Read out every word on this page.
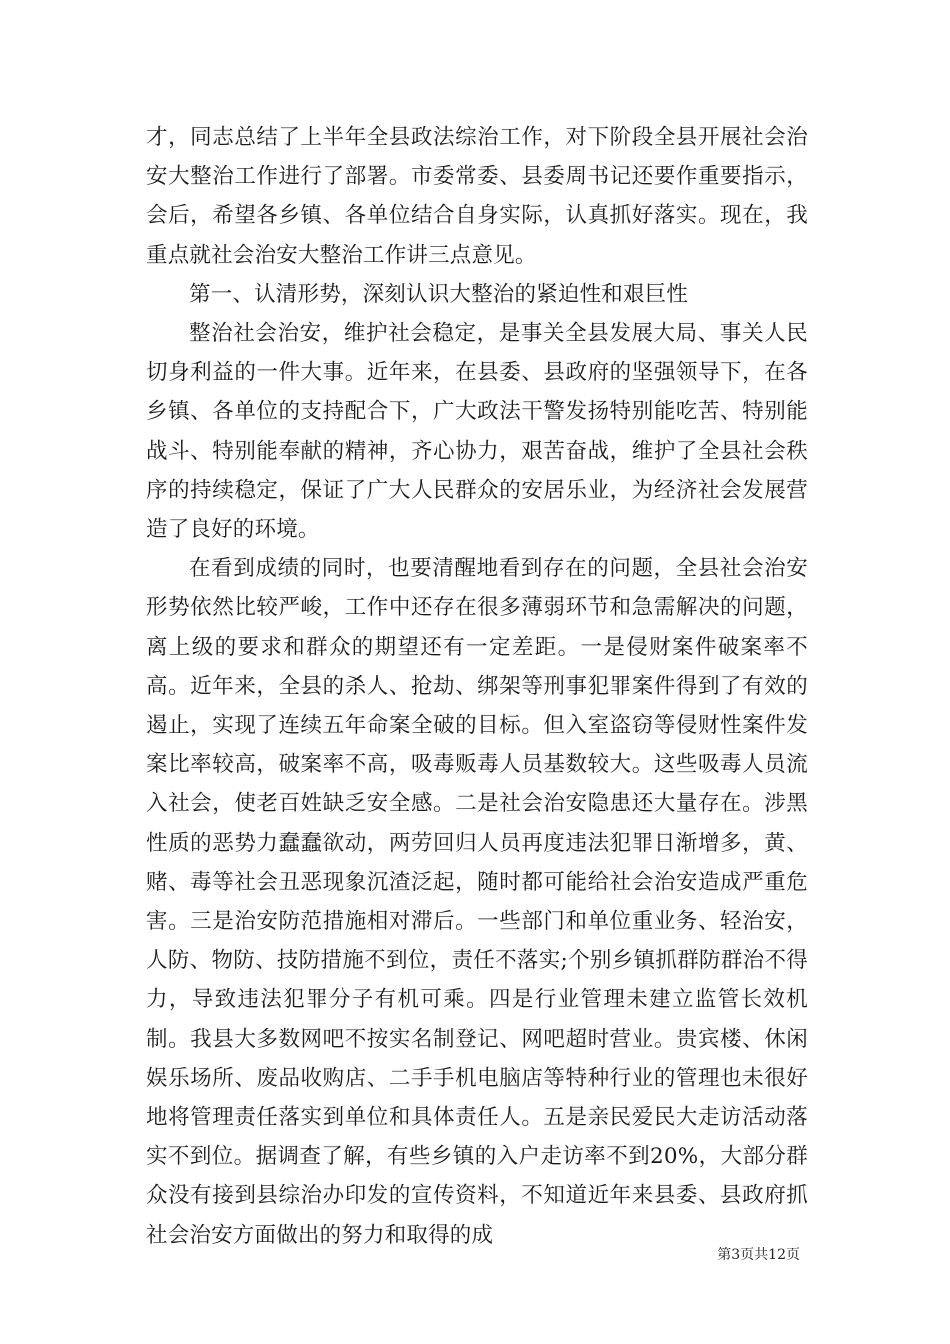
才，同志总结了上半年全县政法综治工作，对下阶段全县开展社会治安大整治工作进行了部署。市委常委、县委周书记还要作重要指示，会后，希望各乡镇、各单位结合自身实际，认真抓好落实。现在，我重点就社会治安大整治工作讲三点意见。

第一、认清形势，深刻认识大整治的紧迫性和艰巨性

整治社会治安，维护社会稳定，是事关全县发展大局、事关人民切身利益的一件大事。近年来，在县委、县政府的坚强领导下，在各乡镇、各单位的支持配合下，广大政法干警发扬特别能吃苦、特别能战斗、特别能奉献的精神，齐心协力，艰苦奋战，维护了全县社会秩序的持续稳定，保证了广大人民群众的安居乐业，为经济社会发展营造了良好的环境。

在看到成绩的同时，也要清醒地看到存在的问题，全县社会治安形势依然比较严峻，工作中还存在很多薄弱环节和急需解决的问题，离上级的要求和群众的期望还有一定差距。一是侵财案件破案率不高。近年来，全县的杀人、抢劫、绑架等刑事犯罪案件得到了有效的遏止，实现了连续五年命案全破的目标。但入室盗窃等侵财性案件发案比率较高，破案率不高，吸毒贩毒人员基数较大。这些吸毒人员流入社会，使老百姓缺乏安全感。二是社会治安隐患还大量存在。涉黑性质的恶势力蠢蠢欲动，两劳回归人员再度违法犯罪日渐增多，黄、赌、毒等社会丑恶现象沉渣泛起，随时都可能给社会治安造成严重危害。三是治安防范措施相对滞后。一些部门和单位重业务、轻治安，人防、物防、技防措施不到位，责任不落实;个别乡镇抓群防群治不得力，导致违法犯罪分子有机可乘。四是行业管理未建立监管长效机制。我县大多数网吧不按实名制登记、网吧超时营业。贵宾楼、休闲娱乐场所、废品收购店、二手手机电脑店等特种行业的管理也未很好地将管理责任落实到单位和具体责任人。五是亲民爱民大走访活动落实不到位。据调查了解，有些乡镇的入户走访率不到20%，大部分群众没有接到县综治办印发的宣传资料，不知道近年来县委、县政府抓社会治安方面做出的努力和取得的成

第3页共12页
